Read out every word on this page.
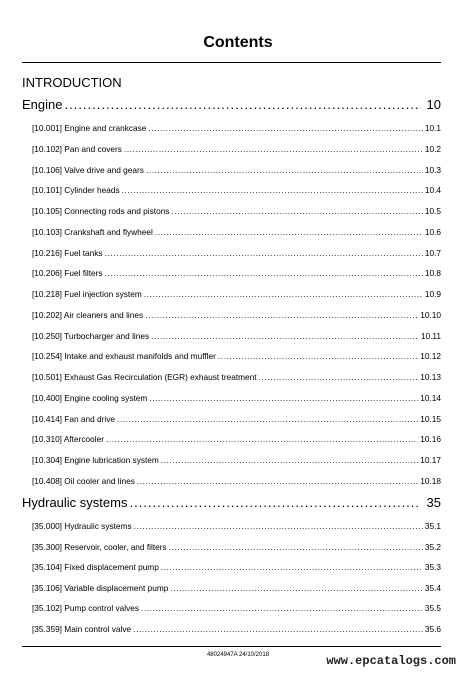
Contents
INTRODUCTION
Engine .....	10
[10.001] Engine and crankcase .....	10.1
[10.102] Pan and covers .....	10.2
[10.106] Valve drive and gears .....	10.3
[10.101] Cylinder heads .....	10.4
[10.105] Connecting rods and pistons .....	10.5
[10.103] Crankshaft and flywheel .....	10.6
[10.216] Fuel tanks .....	10.7
[10.206] Fuel filters .....	10.8
[10.218] Fuel injection system .....	10.9
[10.202] Air cleaners and lines .....	10.10
[10.250] Turbocharger and lines .....	10.11
[10.254] Intake and exhaust manifolds and muffler .....	10.12
[10.501] Exhaust Gas Recirculation (EGR) exhaust treatment .....	10.13
[10.400] Engine cooling system .....	10.14
[10.414] Fan and drive .....	10.15
[10.310] Aftercooler .....	10.16
[10.304] Engine lubrication system .....	10.17
[10.408] Oil cooler and lines .....	10.18
Hydraulic systems .....	35
[35.000] Hydraulic systems .....	35.1
[35.300] Reservoir, cooler, and filters .....	35.2
[35.104] Fixed displacement pump .....	35.3
[35.106] Variable displacement pump .....	35.4
[35.102] Pump control valves .....	35.5
[35.359] Main control valve .....	35.6
48024947A 24/10/2018	www.epcatalogs.com
